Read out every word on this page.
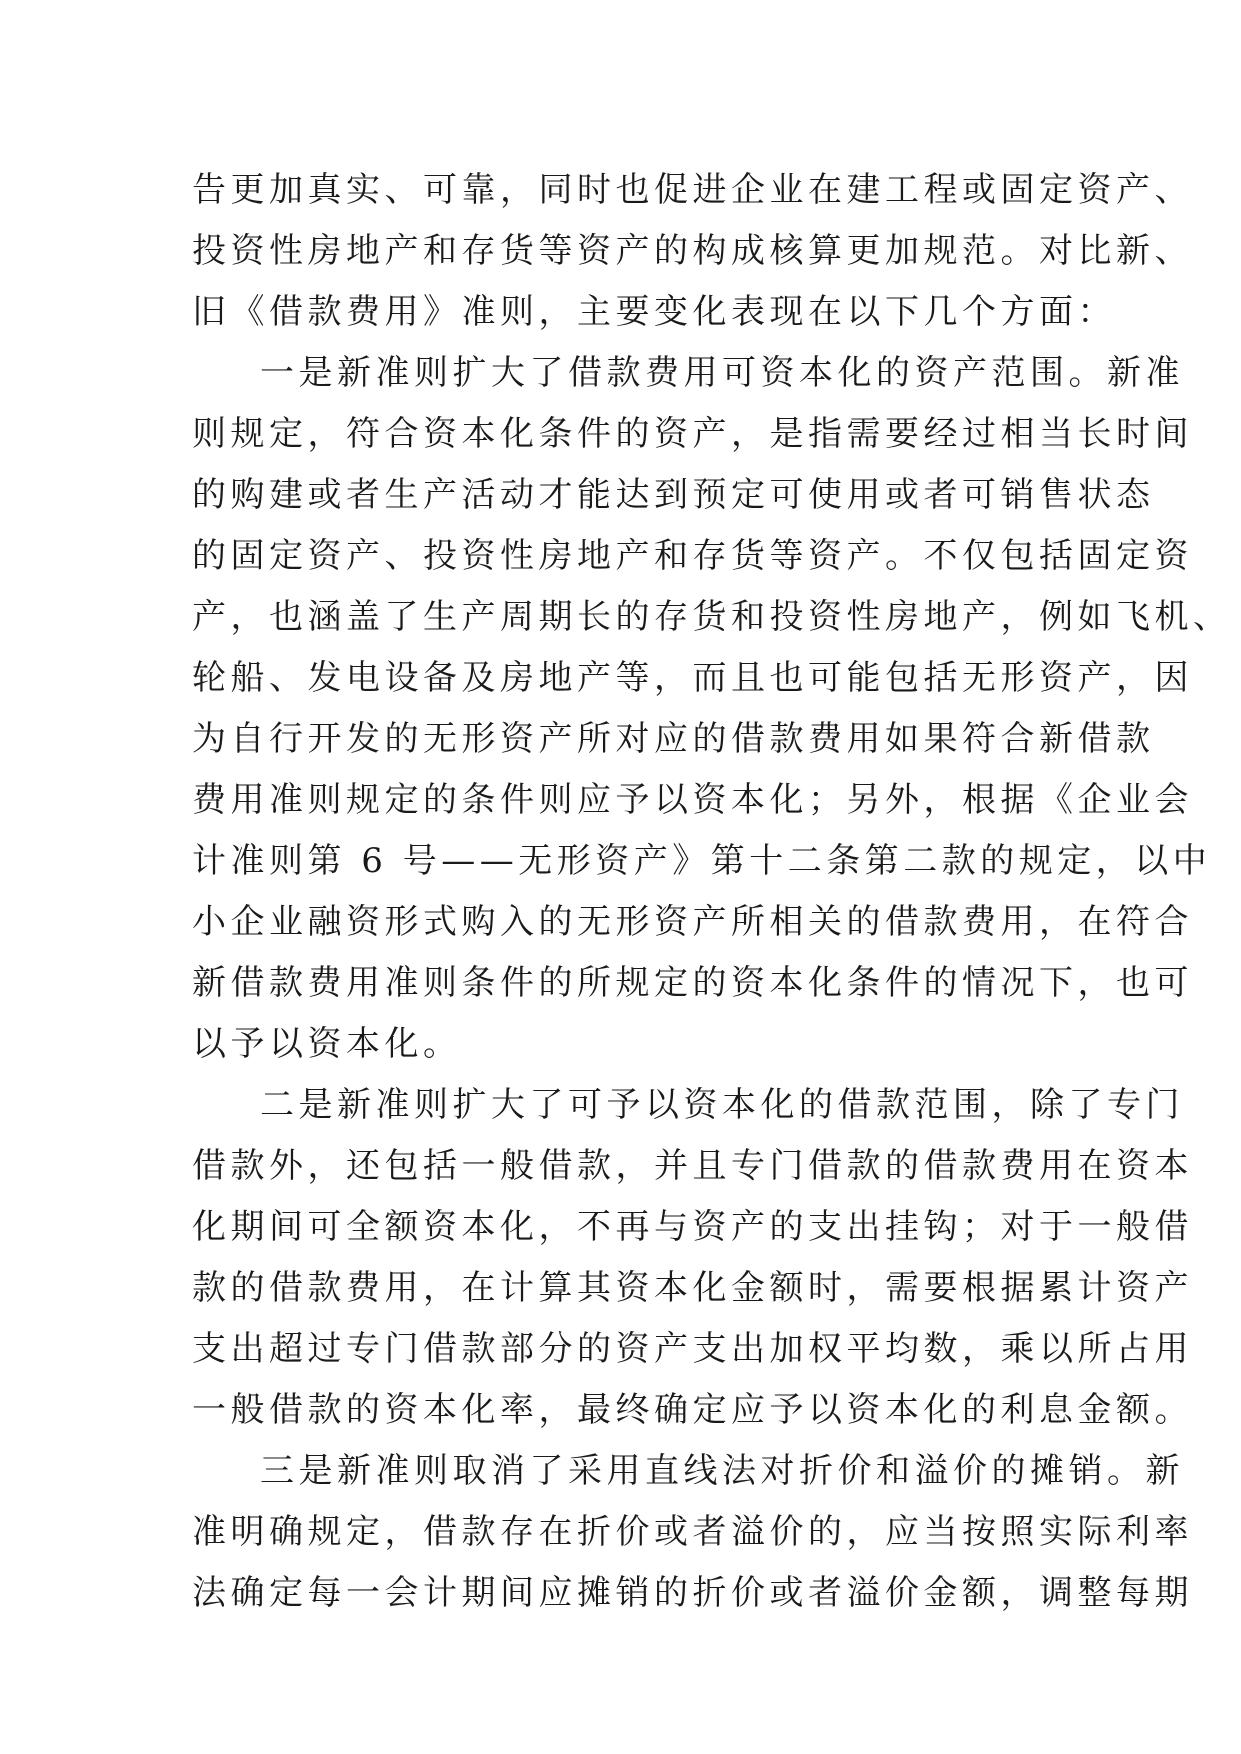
告更加真实、可靠，同时也促进企业在建工程或固定资产、
投资性房地产和存货等资产的构成核算更加规范。对比新、
旧《借款费用》准则，主要变化表现在以下几个方面：
一是新准则扩大了借款费用可资本化的资产范围。新准
则规定，符合资本化条件的资产，是指需要经过相当长时间
的购建或者生产活动才能达到预定可使用或者可销售状态
的固定资产、投资性房地产和存货等资产。不仅包括固定资
产，也涵盖了生产周期长的存货和投资性房地产，例如飞机、
轮船、发电设备及房地产等，而且也可能包括无形资产，因
为自行开发的无形资产所对应的借款费用如果符合新借款
费用准则规定的条件则应予以资本化；另外，根据《企业会
计准则第 6 号——无形资产》第十二条第二款的规定，以中
小企业融资形式购入的无形资产所相关的借款费用，在符合
新借款费用准则条件的所规定的资本化条件的情况下，也可
以予以资本化。
二是新准则扩大了可予以资本化的借款范围，除了专门
借款外，还包括一般借款，并且专门借款的借款费用在资本
化期间可全额资本化，不再与资产的支出挂钩；对于一般借
款的借款费用，在计算其资本化金额时，需要根据累计资产
支出超过专门借款部分的资产支出加权平均数，乘以所占用
一般借款的资本化率，最终确定应予以资本化的利息金额。
三是新准则取消了采用直线法对折价和溢价的摊销。新
准明确规定，借款存在折价或者溢价的，应当按照实际利率
法确定每一会计期间应摊销的折价或者溢价金额，调整每期
